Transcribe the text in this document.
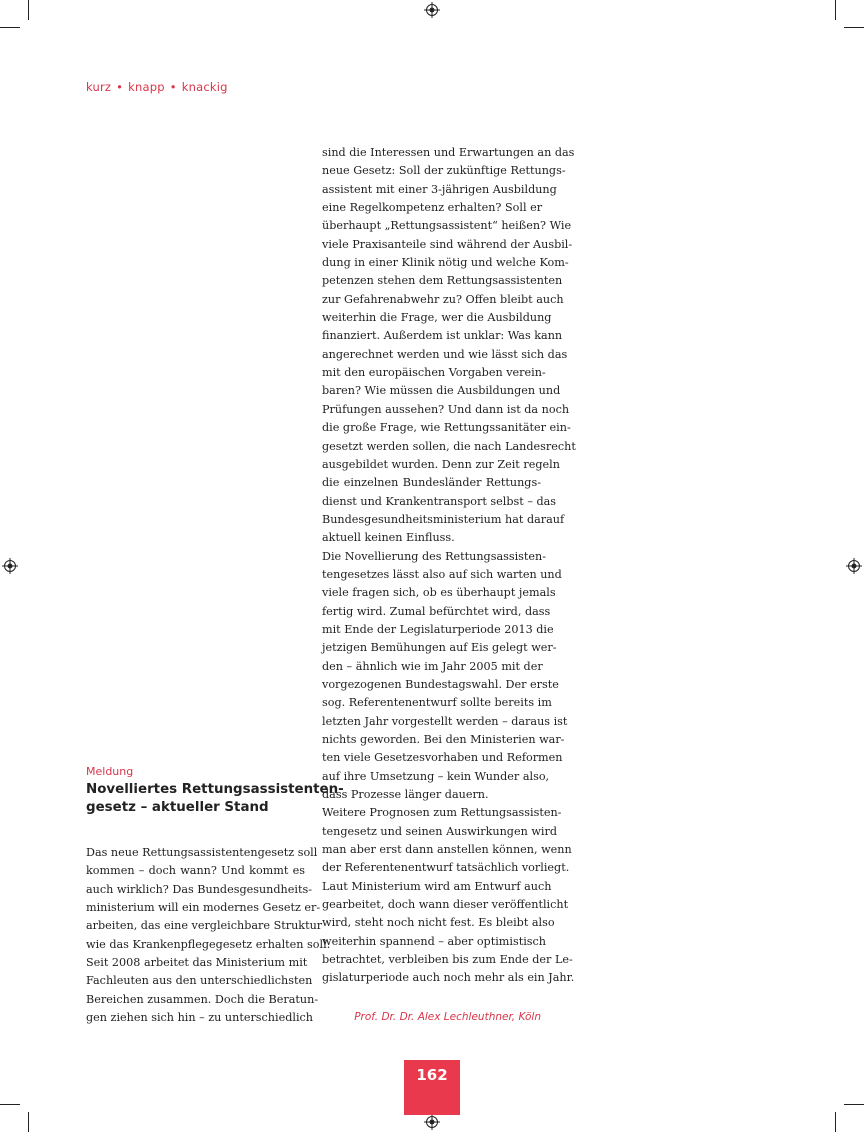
kurz • knapp • knackig
Meldung
Novelliertes Rettungsassistenten-
gesetz – aktueller Stand
Das neue Rettungsassistentengesetz soll
kommen – doch wann? Und kommt es
auch wirklich? Das Bundesgesundheits-
ministerium will ein modernes Gesetz er-
arbeiten, das eine vergleichbare Struktur
wie das Krankenpflegegesetz erhalten soll.
Seit 2008 arbeitet das Ministerium mit
Fachleuten aus den unterschiedlichsten
Bereichen zusammen. Doch die Beratun-
gen ziehen sich hin – zu unterschiedlich
sind die Interessen und Erwartungen an das
neue Gesetz: Soll der zukünftige Rettungs-
assistent mit einer 3-jährigen Ausbildung
eine Regelkompetenz erhalten? Soll er
überhaupt „Rettungsassistent“ heißen? Wie
viele Praxisanteile sind während der Ausbil-
dung in einer Klinik nötig und welche Kom-
petenzen stehen dem Rettungsassistenten
zur Gefahrenabwehr zu? Offen bleibt auch
weiterhin die Frage, wer die Ausbildung
finanziert. Außerdem ist unklar: Was kann
angerechnet werden und wie lässt sich das
mit den europäischen Vorgaben verein-
baren? Wie müssen die Ausbildungen und
Prüfungen aussehen? Und dann ist da noch
die große Frage, wie Rettungssanitäter ein-
gesetzt werden sollen, die nach Landesrecht
ausgebildet wurden. Denn zur Zeit regeln
die einzelnen Bundesländer Rettungs-
dienst und Krankentransport selbst – das
Bundesgesundheitsministerium hat darauf
aktuell keinen Einfluss.
Die Novellierung des Rettungsassisten-
tengesetzes lässt also auf sich warten und
viele fragen sich, ob es überhaupt jemals
fertig wird. Zumal befürchtet wird, dass
mit Ende der Legislaturperiode 2013 die
jetzigen Bemühungen auf Eis gelegt wer-
den – ähnlich wie im Jahr 2005 mit der
vorgezogenen Bundestagswahl. Der erste
sog. Referentenentwurf sollte bereits im
letzten Jahr vorgestellt werden – daraus ist
nichts geworden. Bei den Ministerien war-
ten viele Gesetzesvorhaben und Reformen
auf ihre Umsetzung – kein Wunder also,
dass Prozesse länger dauern.
Weitere Prognosen zum Rettungsassisten-
tengesetz und seinen Auswirkungen wird
man aber erst dann anstellen können, wenn
der Referentenentwurf tatsächlich vorliegt.
Laut Ministerium wird am Entwurf auch
gearbeitet, doch wann dieser veröffentlicht
wird, steht noch nicht fest. Es bleibt also
weiterhin spannend – aber optimistisch
betrachtet, verbleiben bis zum Ende der Le-
gislaturperiode auch noch mehr als ein Jahr.
Prof. Dr. Dr. Alex Lechleuthner, Köln
162
